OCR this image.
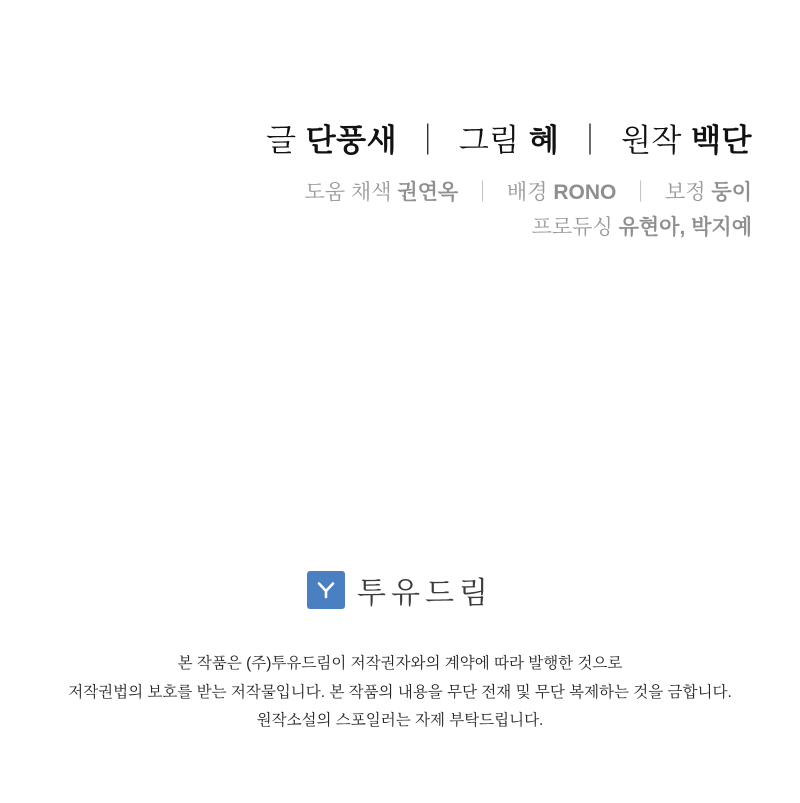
글 단풍새 ｜ 그림 혜 ｜ 원작 백단
도움 채색 권연옥 ｜ 배경 RONO ｜ 보정 둥이
프로듀싱 유현아, 박지예
투유드림
본 작품은 (주)투유드림이 저작권자와의 계약에 따라 발행한 것으로
저작권법의 보호를 받는 저작물입니다. 본 작품의 내용을 무단 전재 및 무단 복제하는 것을 금합니다.
원작소설의 스포일러는 자제 부탁드립니다.
